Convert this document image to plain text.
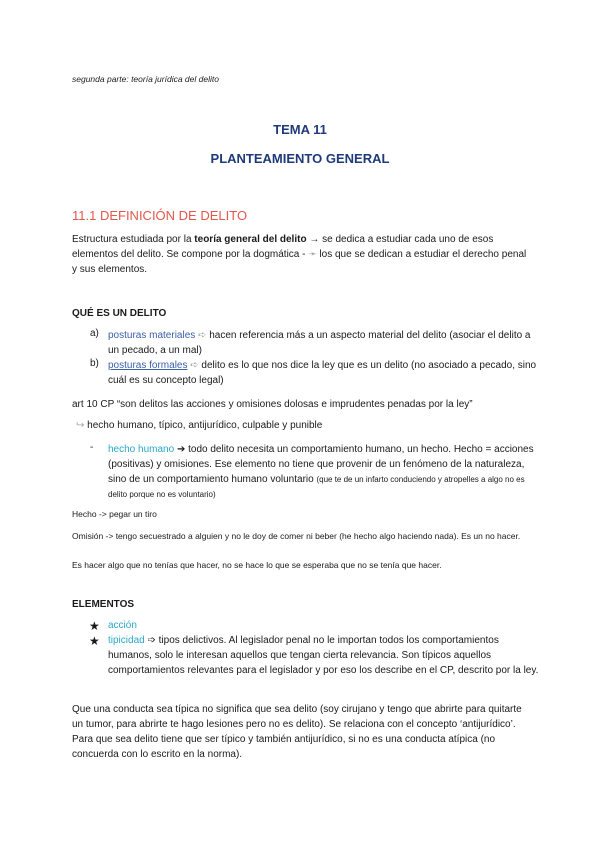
segunda parte: teoría jurídica del delito

TEMA 11

PLANTEAMIENTO GENERAL

11.1 DEFINICIÓN DE DELITO

Estructura estudiada por la teoría general del delito → se dedica a estudiar cada uno de esos elementos del delito. Se compone por la dogmática - ➛ los que se dedican a estudiar el derecho penal y sus elementos.

QUÉ ES UN DELITO

a) posturas materiales ➪ hacen referencia más a un aspecto material del delito (asociar el delito a un pecado, a un mal)

b) posturas formales ➪ delito es lo que nos dice la ley que es un delito (no asociado a pecado, sino cuál es su concepto legal)

art 10 CP “son delitos las acciones y omisiones dolosas e imprudentes penadas por la ley”

↪ hecho humano, típico, antijurídico, culpable y punible

- hecho humano ➔ todo delito necesita un comportamiento humano, un hecho. Hecho = acciones (positivas) y omisiones. Ese elemento no tiene que provenir de un fenómeno de la naturaleza, sino de un comportamiento humano voluntario (que te de un infarto conduciendo y atropelles a algo no es delito porque no es voluntario)

Hecho -> pegar un tiro

Omisión -> tengo secuestrado a alguien y no le doy de comer ni beber (he hecho algo haciendo nada). Es un no hacer.

Es hacer algo que no tenías que hacer, no se hace lo que se esperaba que no se tenía que hacer.

ELEMENTOS

★ acción

★ tipicidad ➩ tipos delictivos. Al legislador penal no le importan todos los comportamientos humanos, solo le interesan aquellos que tengan cierta relevancia. Son típicos aquellos comportamientos relevantes para el legislador y por eso los describe en el CP, descrito por la ley.

Que una conducta sea típica no significa que sea delito (soy cirujano y tengo que abrirte para quitarte un tumor, para abrirte te hago lesiones pero no es delito). Se relaciona con el concepto ‘antijurídico’. Para que sea delito tiene que ser típico y también antijurídico, si no es una conducta atípica (no concuerda con lo escrito en la norma).
